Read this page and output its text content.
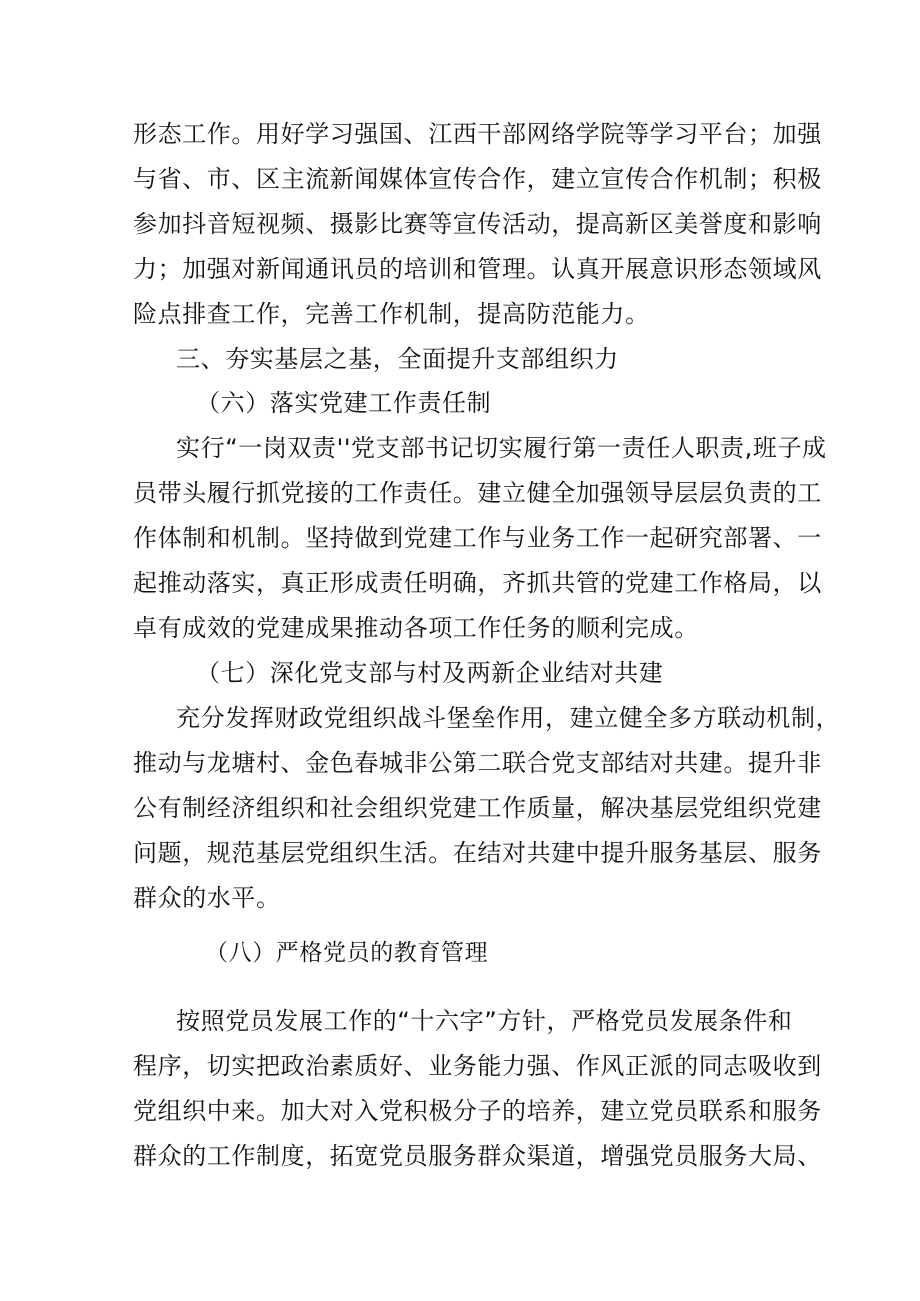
形态工作。用好学习强国、江西干部网络学院等学习平台；加强
与省、市、区主流新闻媒体宣传合作，建立宣传合作机制；积极
参加抖音短视频、摄影比赛等宣传活动，提高新区美誉度和影响
力；加强对新闻通讯员的培训和管理。认真开展意识形态领域风
险点排查工作，完善工作机制，提高防范能力。
三、夯实基层之基，全面提升支部组织力
（六）落实党建工作责任制
实行“一岗双责''党支部书记切实履行第一责任人职责,班子成
员带头履行抓党接的工作责任。建立健全加强领导层层负责的工
作体制和机制。坚持做到党建工作与业务工作一起研究部署、一
起推动落实，真正形成责任明确，齐抓共管的党建工作格局，以
卓有成效的党建成果推动各项工作任务的顺利完成。
（七）深化党支部与村及两新企业结对共建
充分发挥财政党组织战斗堡垒作用，建立健全多方联动机制，
推动与龙塘村、金色春城非公第二联合党支部结对共建。提升非
公有制经济组织和社会组织党建工作质量，解决基层党组织党建
问题，规范基层党组织生活。在结对共建中提升服务基层、服务
群众的水平。
（八）严格党员的教育管理
按照党员发展工作的“十六字”方针，严格党员发展条件和
程序，切实把政治素质好、业务能力强、作风正派的同志吸收到
党组织中来。加大对入党积极分子的培养，建立党员联系和服务
群众的工作制度，拓宽党员服务群众渠道，增强党员服务大局、
